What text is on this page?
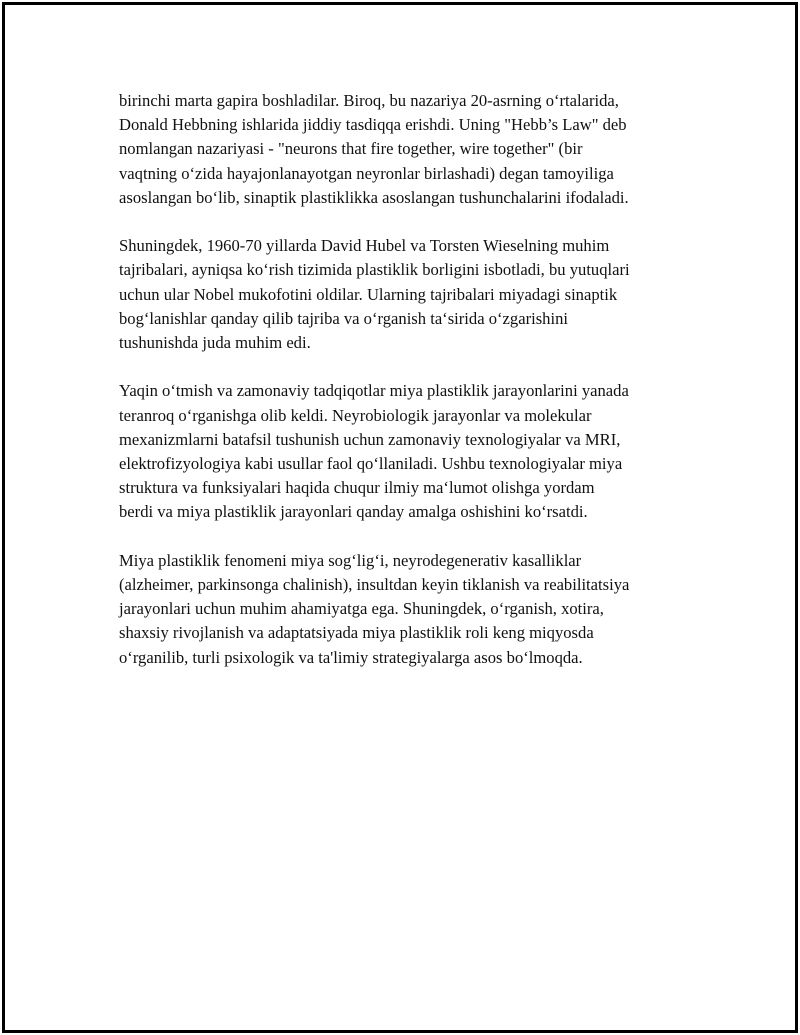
birinchi marta gapira boshladilar. Biroq, bu nazariya 20-asrning o‘rtalarida,
Donald Hebbning ishlarida jiddiy tasdiqqa erishdi. Uning "Hebb’s Law" deb
nomlangan nazariyasi - "neurons that fire together, wire together" (bir
vaqtning o‘zida hayajonlanayotgan neyronlar birlashadi) degan tamoyiliga
asoslangan bo‘lib, sinaptik plastiklikka asoslangan tushunchalarini ifodaladi.

Shuningdek, 1960-70 yillarda David Hubel va Torsten Wieselning muhim
tajribalari, ayniqsa ko‘rish tizimida plastiklik borligini isbotladi, bu yutuqlari
uchun ular Nobel mukofotini oldilar. Ularning tajribalari miyadagi sinaptik
bog‘lanishlar qanday qilib tajriba va o‘rganish ta‘sirida o‘zgarishini
tushunishda juda muhim edi.

Yaqin o‘tmish va zamonaviy tadqiqotlar miya plastiklik jarayonlarini yanada
teranroq o‘rganishga olib keldi. Neyrobiologik jarayonlar va molekular
mexanizmlarni batafsil tushunish uchun zamonaviy texnologiyalar va MRI,
elektrofizyologiya kabi usullar faol qo‘llaniladi. Ushbu texnologiyalar miya
struktura va funksiyalari haqida chuqur ilmiy ma‘lumot olishga yordam
berdi va miya plastiklik jarayonlari qanday amalga oshishini ko‘rsatdi.

Miya plastiklik fenomeni miya sog‘lig‘i, neyrodegenerativ kasalliklar
(alzheimer, parkinsonga chalinish), insultdan keyin tiklanish va reabilitatsiya
jarayonlari uchun muhim ahamiyatga ega. Shuningdek, o‘rganish, xotira,
shaxsiy rivojlanish va adaptatsiyada miya plastiklik roli keng miqyosda
o‘rganilib, turli psixologik va ta'limiy strategiyalarga asos bo‘lmoqda.
